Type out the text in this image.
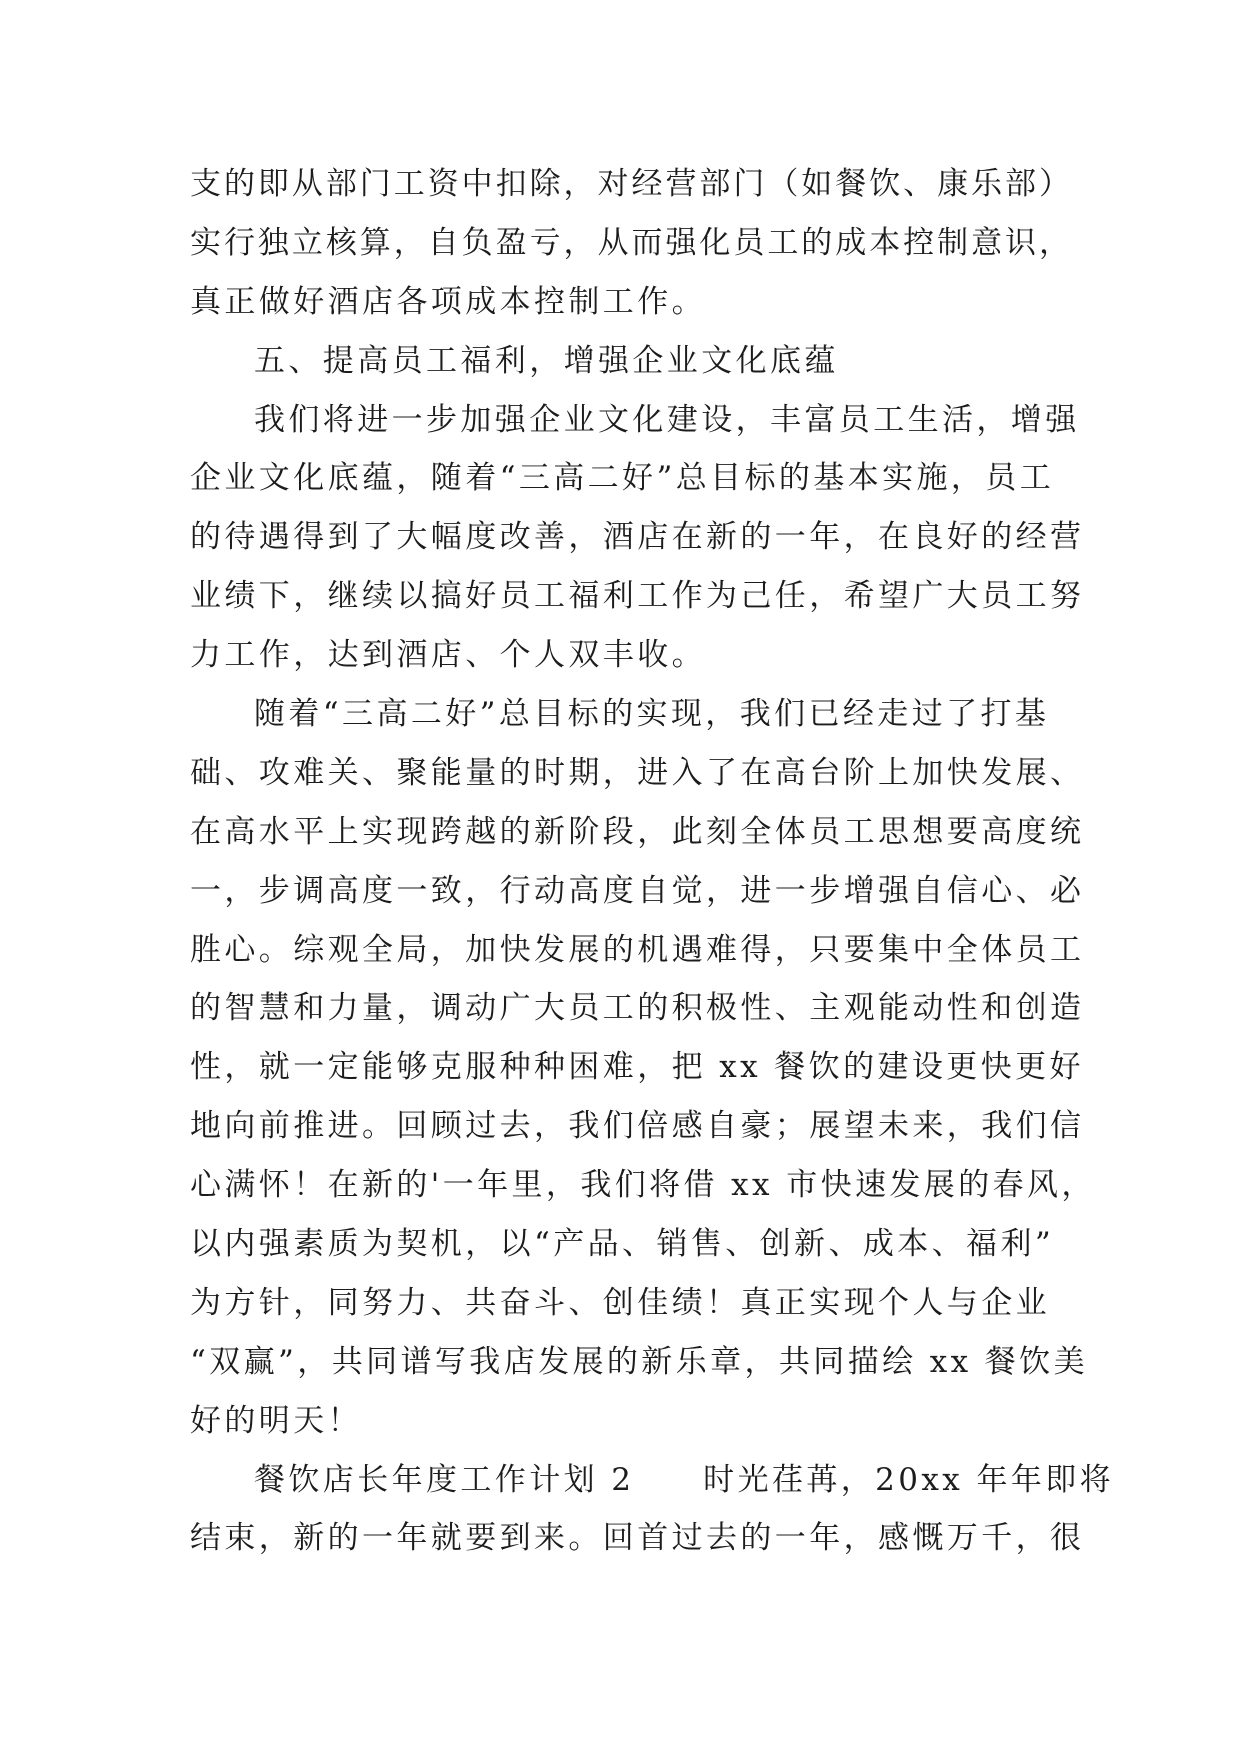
支的即从部门工资中扣除，对经营部门（如餐饮、康乐部）
实行独立核算，自负盈亏，从而强化员工的成本控制意识，
真正做好酒店各项成本控制工作。
五、提高员工福利，增强企业文化底蕴
我们将进一步加强企业文化建设，丰富员工生活，增强
企业文化底蕴，随着“三高二好”总目标的基本实施，员工
的待遇得到了大幅度改善，酒店在新的一年，在良好的经营
业绩下，继续以搞好员工福利工作为己任，希望广大员工努
力工作，达到酒店、个人双丰收。
随着“三高二好”总目标的实现，我们已经走过了打基
础、攻难关、聚能量的时期，进入了在高台阶上加快发展、
在高水平上实现跨越的新阶段，此刻全体员工思想要高度统
一，步调高度一致，行动高度自觉，进一步增强自信心、必
胜心。综观全局，加快发展的机遇难得，只要集中全体员工
的智慧和力量，调动广大员工的积极性、主观能动性和创造
性，就一定能够克服种种困难，把 xx 餐饮的建设更快更好
地向前推进。回顾过去，我们倍感自豪；展望未来，我们信
心满怀！在新的'一年里，我们将借 xx 市快速发展的春风，
以内强素质为契机，以“产品、销售、创新、成本、福利”
为方针，同努力、共奋斗、创佳绩！真正实现个人与企业
“双赢”，共同谱写我店发展的新乐章，共同描绘 xx 餐饮美
好的明天！
餐饮店长年度工作计划 2　　时光荏苒，20xx 年年即将
结束，新的一年就要到来。回首过去的一年，感慨万千，很
